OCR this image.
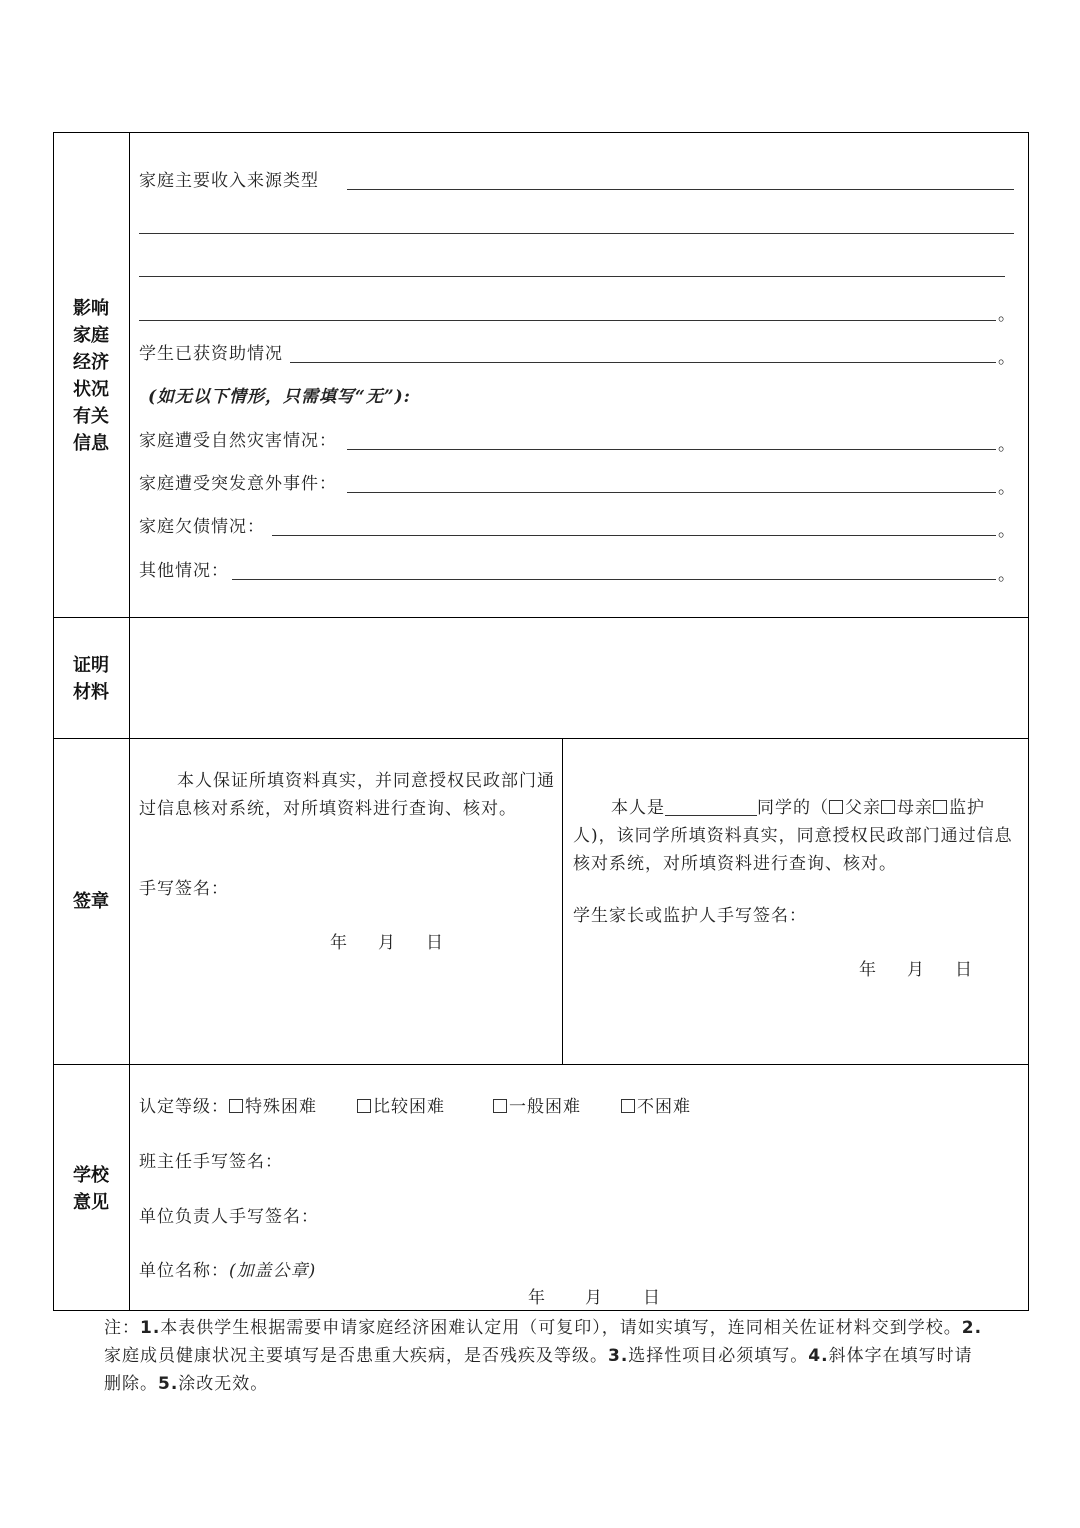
影响
家庭
经济
状况
有关
信息
家庭主要收入来源类型
。
学生已获资助情况	。
(如无以下情形，只需填写“无”):
家庭遭受自然灾害情况：	。
家庭遭受突发意外事件：	。
家庭欠债情况：	。
其他情况：	。
证明
材料
签章
本人保证所填资料真实，并同意授权民政部门通过信息核对系统，对所填资料进行查询、核对。
手写签名：
年 月 日
本人是	同学的（ 父亲 母亲 监护
人)，该同学所填资料真实，同意授权民政部门通过信息核对系统，对所填资料进行查询、核对。
学生家长或监护人手写签名：
年 月 日
学校
意见
认定等级： 特殊困难	比较困难	一般困难	不困难
班主任手写签名：
单位负责人手写签名：
单位名称：(加盖公章)
年 月 日
注：1.本表供学生根据需要申请家庭经济困难认定用（可复印），请如实填写，连同相关佐证材料交到学校。2.家庭成员健康状况主要填写是否患重大疾病，是否残疾及等级。3.选择性项目必须填写。4.斜体字在填写时请删除。5.涂改无效。
